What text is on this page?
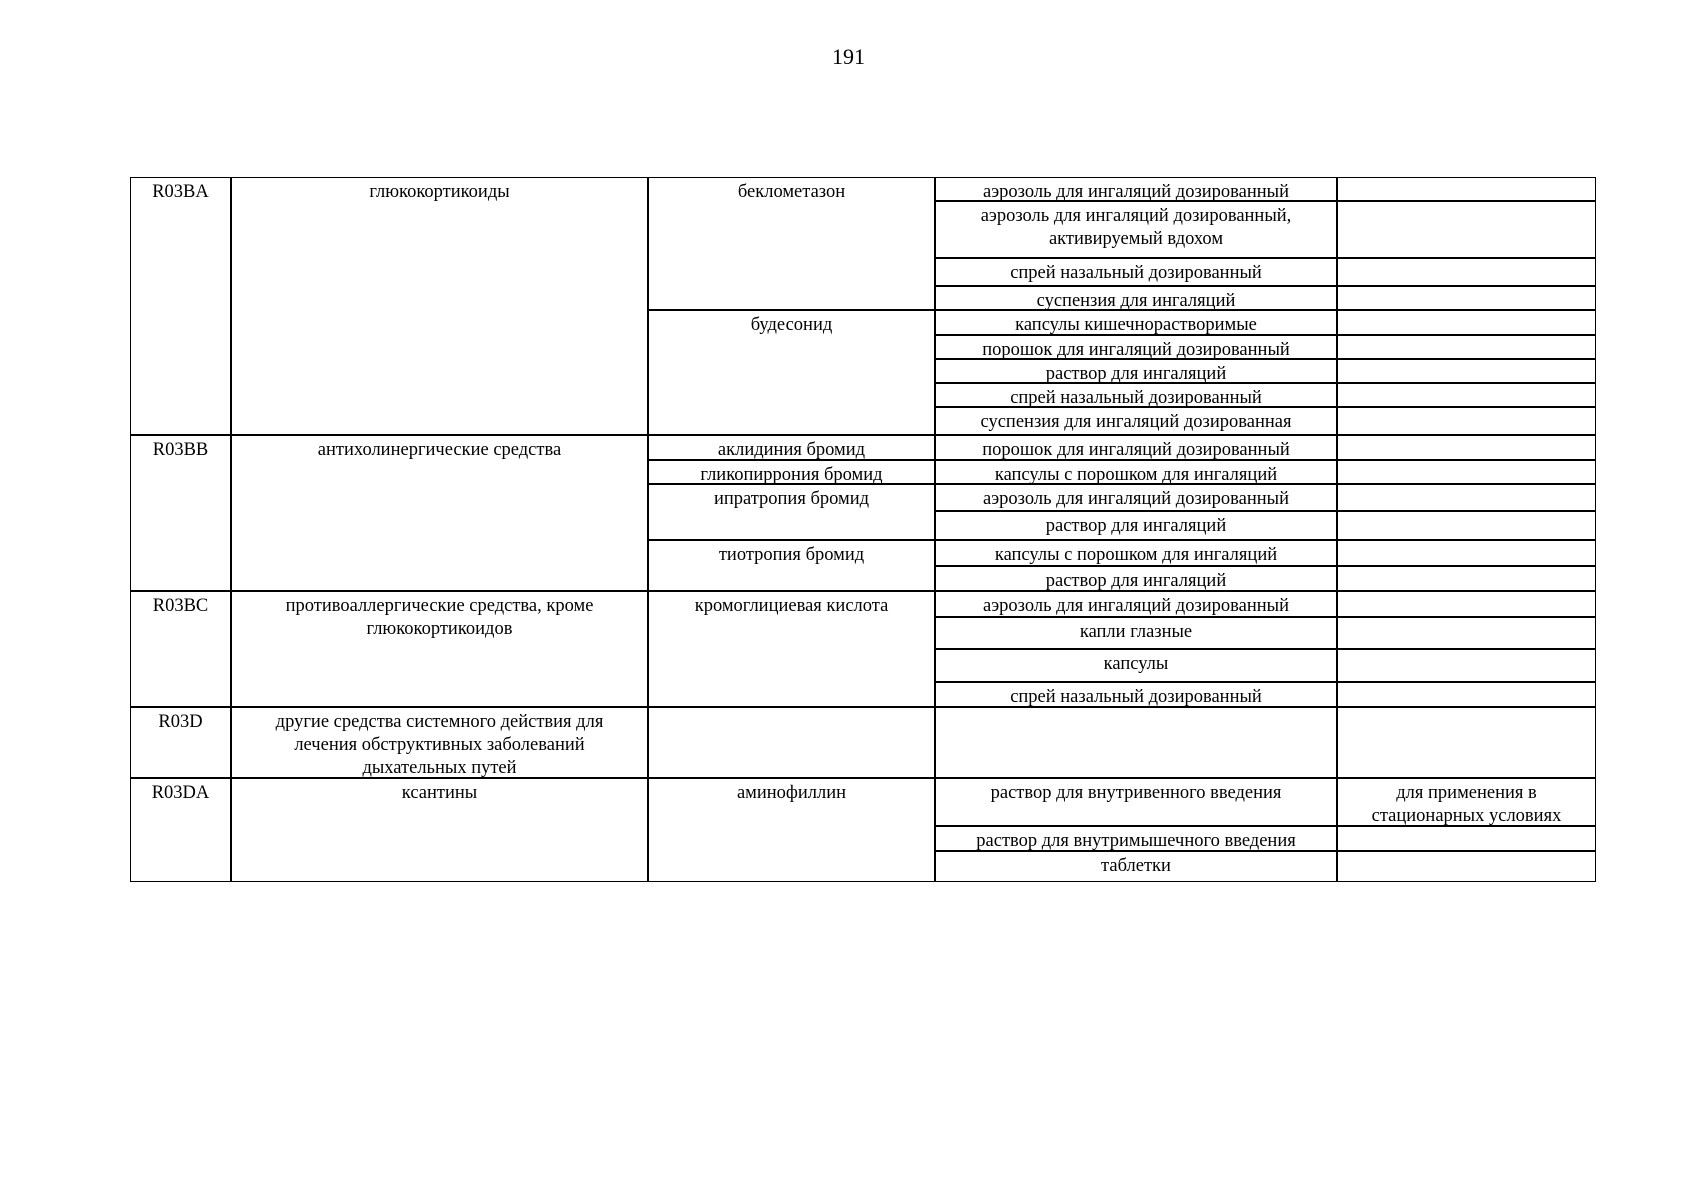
191
R03BA	глюкокортикоиды	беклометазон	аэрозоль для ингаляций дозированный
аэрозоль для ингаляций дозированный,
активируемый вдохом
спрей назальный дозированный
суспензия для ингаляций
будесонид	капсулы кишечнорастворимые
порошок для ингаляций дозированный
раствор для ингаляций
спрей назальный дозированный
суспензия для ингаляций дозированная
R03BB	антихолинергические средства	аклидиния бромид	порошок для ингаляций дозированный
гликопиррония бромид	капсулы с порошком для ингаляций
ипратропия бромид	аэрозоль для ингаляций дозированный
раствор для ингаляций
тиотропия бромид	капсулы с порошком для ингаляций
раствор для ингаляций
R03BC	противоаллергические средства, кроме
глюкокортикоидов
кромоглициевая кислота	аэрозоль для ингаляций дозированный
капли глазные
капсулы
спрей назальный дозированный
R03D	другие средства системного действия для
лечения обструктивных заболеваний
дыхательных путей
R03DA	ксантины	аминофиллин	раствор для внутривенного введения	для применения в
стационарных условиях
раствор для внутримышечного введения
таблетки
